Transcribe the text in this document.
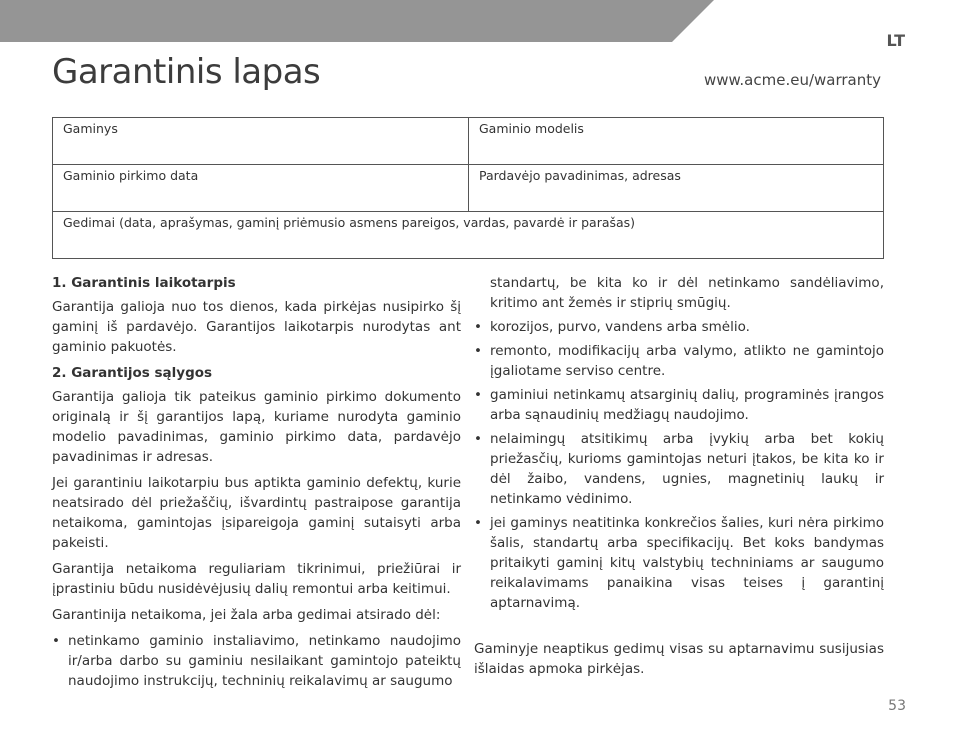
LT
Garantinis lapas	www.acme.eu/warranty
Gaminys	Gaminio modelis
Gaminio pirkimo data	Pardavėjo pavadinimas, adresas
Gedimai (data, aprašymas, gaminį priėmusio asmens pareigos, vardas, pavardė ir parašas)
1. Garantinis laikotarpis

Garantija galioja nuo tos dienos, kada pirkėjas nusipirko šį gaminį iš pardavėjo. Garantijos laikotarpis nurodytas ant gaminio pakuotės.

2. Garantijos sąlygos

Garantija galioja tik pateikus gaminio pirkimo dokumento originalą ir šį garantijos lapą, kuriame nurodyta gaminio modelio pavadinimas, gaminio pirkimo data, pardavėjo pavadinimas ir adresas.

Jei garantiniu laikotarpiu bus aptikta gaminio defektų, kurie neatsirado dėl priežaščių, išvardintų pastraipose garantija netaikoma, gamintojas įsipareigoja gaminį sutaisyti arba pakeisti.

Garantija netaikoma reguliariam tikrinimui, priežiūrai ir įprastiniu būdu nusidėvėjusių dalių remontui arba keitimui.

Garantinija netaikoma, jei žala arba gedimai atsirado dėl:

• netinkamo gaminio instaliavimo, netinkamo naudojimo ir/arba darbo su gaminiu nesilaikant gamintojo pateiktų naudojimo instrukcijų, techninių reikalavimų ar saugumo

standartų, be kita ko ir dėl netinkamo sandėliavimo, kritimo ant žemės ir stiprių smūgių.

• korozijos, purvo, vandens arba smėlio.
• remonto, modifikacijų arba valymo, atlikto ne gamintojo įgaliotame serviso centre.
• gaminiui netinkamų atsarginių dalių, programinės įrangos arba sąnaudinių medžiagų naudojimo.
• nelaimingų atsitikimų arba įvykių arba bet kokių priežasčių, kurioms gamintojas neturi įtakos, be kita ko ir dėl žaibo, vandens, ugnies, magnetinių laukų ir netinkamo vėdinimo.
• jei gaminys neatitinka konkrečios šalies, kuri nėra pirkimo šalis, standartų arba specifikacijų. Bet koks bandymas pritaikyti gaminį kitų valstybių techniniams ar saugumo reikalavimams panaikina visas teises į garantinį aptarnavimą.

Gaminyje neaptikus gedimų visas su aptarnavimu susijusias išlaidas apmoka pirkėjas.

53
